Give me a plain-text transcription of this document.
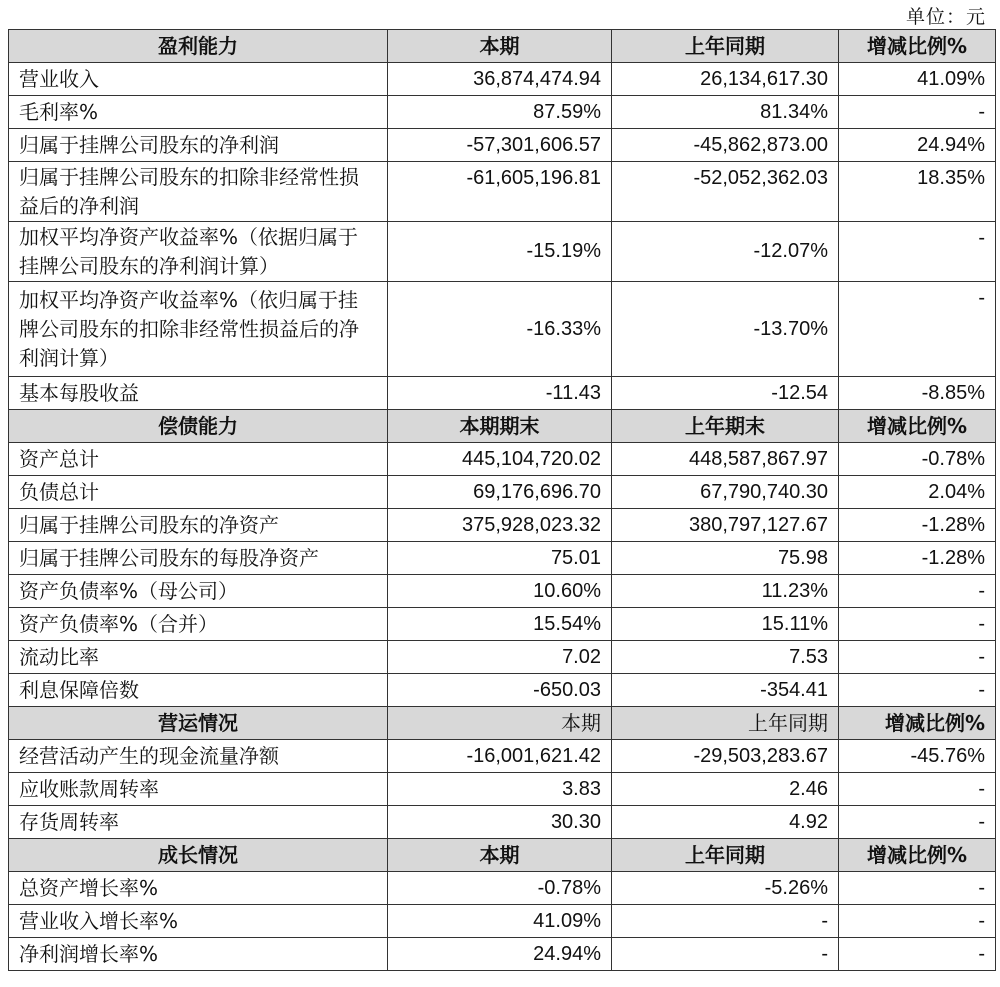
单位：元
盈利能力	本期	上年同期	增减比例%
营业收入	36,874,474.94	26,134,617.30	41.09%
毛利率%	87.59%	81.34%	-
归属于挂牌公司股东的净利润	-57,301,606.57	-45,862,873.00	24.94%
归属于挂牌公司股东的扣除非经常性损益后的净利润	-61,605,196.81	-52,052,362.03	18.35%
加权平均净资产收益率%（依据归属于挂牌公司股东的净利润计算）	-15.19%	-12.07%	-
加权平均净资产收益率%（依归属于挂牌公司股东的扣除非经常性损益后的净利润计算）	-16.33%	-13.70%	-
基本每股收益	-11.43	-12.54	-8.85%
偿债能力	本期期末	上年期末	增减比例%
资产总计	445,104,720.02	448,587,867.97	-0.78%
负债总计	69,176,696.70	67,790,740.30	2.04%
归属于挂牌公司股东的净资产	375,928,023.32	380,797,127.67	-1.28%
归属于挂牌公司股东的每股净资产	75.01	75.98	-1.28%
资产负债率%（母公司）	10.60%	11.23%	-
资产负债率%（合并）	15.54%	15.11%	-
流动比率	7.02	7.53	-
利息保障倍数	-650.03	-354.41	-
营运情况	本期	上年同期	增减比例%
经营活动产生的现金流量净额	-16,001,621.42	-29,503,283.67	-45.76%
应收账款周转率	3.83	2.46	-
存货周转率	30.30	4.92	-
成长情况	本期	上年同期	增减比例%
总资产增长率%	-0.78%	-5.26%	-
营业收入增长率%	41.09%	-	-
净利润增长率%	24.94%	-	-
